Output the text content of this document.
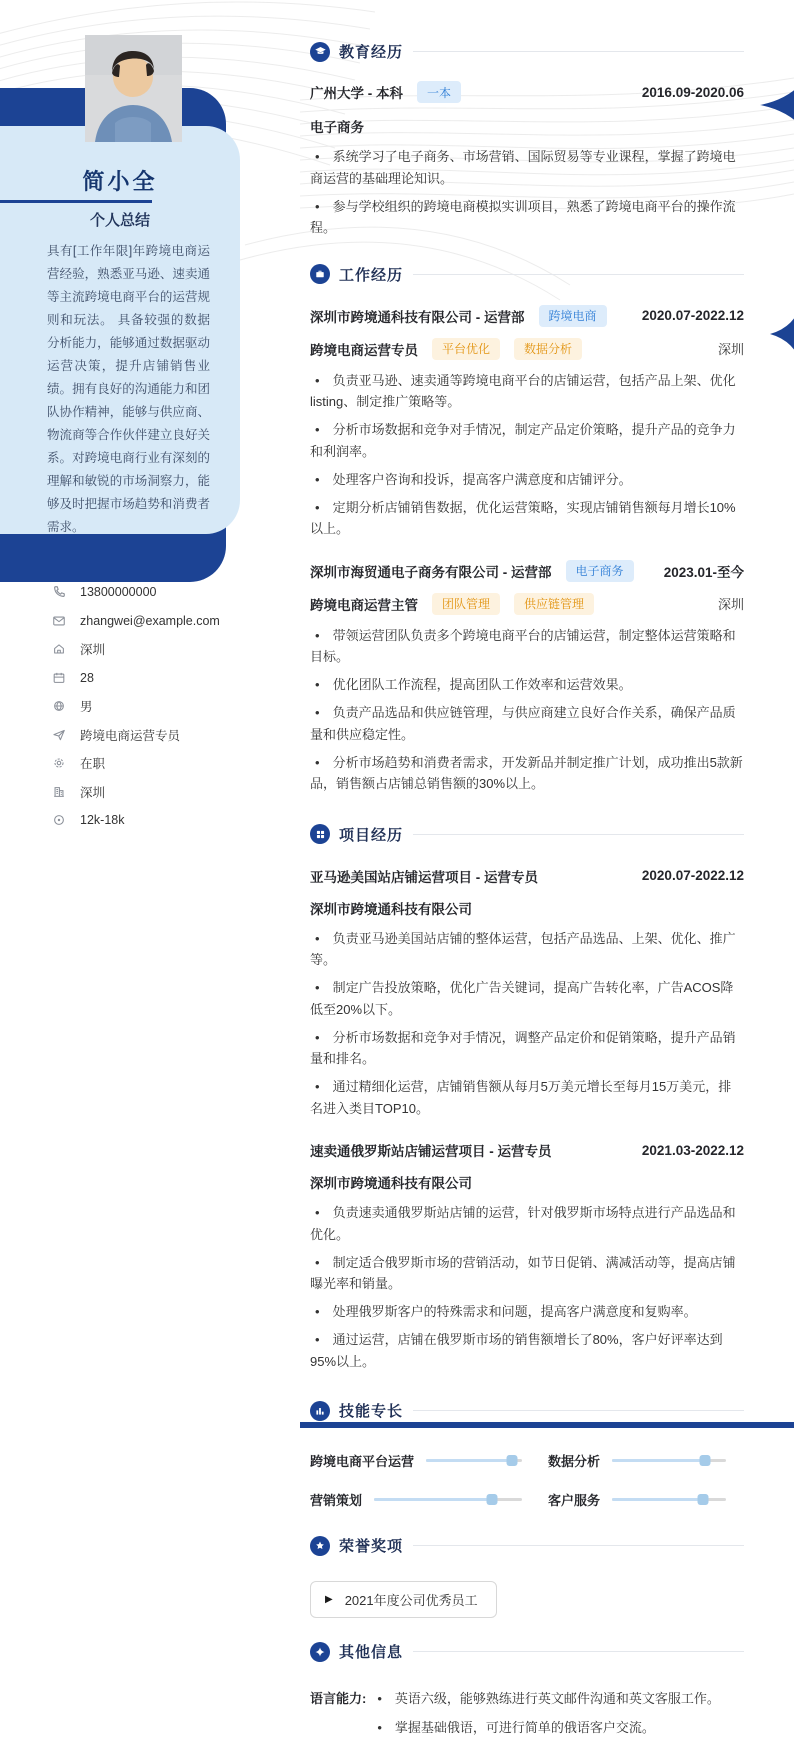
简小全
个人总结
具有[工作年限]年跨境电商运营经验，熟悉亚马逊、速卖通等主流跨境电商平台的运营规则和玩法。 具备较强的数据分析能力，能够通过数据驱动运营决策，提升店铺销售业绩。拥有良好的沟通能力和团队协作精神，能够与供应商、物流商等合作伙伴建立良好关系。对跨境电商行业有深刻的理解和敏锐的市场洞察力，能够及时把握市场趋势和消费者需求。
13800000000
zhangwei@example.com
深圳
28
男
跨境电商运营专员
在职
深圳
12k-18k
教育经历
广州大学 - 本科	一本	2016.09-2020.06
电子商务
• 系统学习了电子商务、市场营销、国际贸易等专业课程，掌握了跨境电商运营的基础理论知识。
• 参与学校组织的跨境电商模拟实训项目，熟悉了跨境电商平台的操作流程。
工作经历
深圳市跨境通科技有限公司 - 运营部	跨境电商	2020.07-2022.12
跨境电商运营专员	平台优化	数据分析	深圳
• 负责亚马逊、速卖通等跨境电商平台的店铺运营，包括产品上架、优化listing、制定推广策略等。
• 分析市场数据和竞争对手情况，制定产品定价策略，提升产品的竞争力和利润率。
• 处理客户咨询和投诉，提高客户满意度和店铺评分。
• 定期分析店铺销售数据，优化运营策略，实现店铺销售额每月增长10%以上。
深圳市海贸通电子商务有限公司 - 运营部	电子商务	2023.01-至今
跨境电商运营主管	团队管理	供应链管理	深圳
• 带领运营团队负责多个跨境电商平台的店铺运营，制定整体运营策略和目标。
• 优化团队工作流程，提高团队工作效率和运营效果。
• 负责产品选品和供应链管理，与供应商建立良好合作关系，确保产品质量和供应稳定性。
• 分析市场趋势和消费者需求，开发新品并制定推广计划，成功推出5款新品，销售额占店铺总销售额的30%以上。
项目经历
亚马逊美国站店铺运营项目 - 运营专员	2020.07-2022.12
深圳市跨境通科技有限公司
• 负责亚马逊美国站店铺的整体运营，包括产品选品、上架、优化、推广等。
• 制定广告投放策略，优化广告关键词，提高广告转化率，广告ACOS降低至20%以下。
• 分析市场数据和竞争对手情况，调整产品定价和促销策略，提升产品销量和排名。
• 通过精细化运营，店铺销售额从每月5万美元增长至每月15万美元，排名进入类目TOP10。
速卖通俄罗斯站店铺运营项目 - 运营专员	2021.03-2022.12
深圳市跨境通科技有限公司
• 负责速卖通俄罗斯站店铺的运营，针对俄罗斯市场特点进行产品选品和优化。
• 制定适合俄罗斯市场的营销活动，如节日促销、满减活动等，提高店铺曝光率和销量。
• 处理俄罗斯客户的特殊需求和问题，提高客户满意度和复购率。
• 通过运营，店铺在俄罗斯市场的销售额增长了80%，客户好评率达到95%以上。
技能专长
跨境电商平台运营	数据分析
营销策划	客户服务
荣誉奖项
▶ 2021年度公司优秀员工
其他信息
语言能力: • 英语六级，能够熟练进行英文邮件沟通和英文客服工作。
• 掌握基础俄语，可进行简单的俄语客户交流。
